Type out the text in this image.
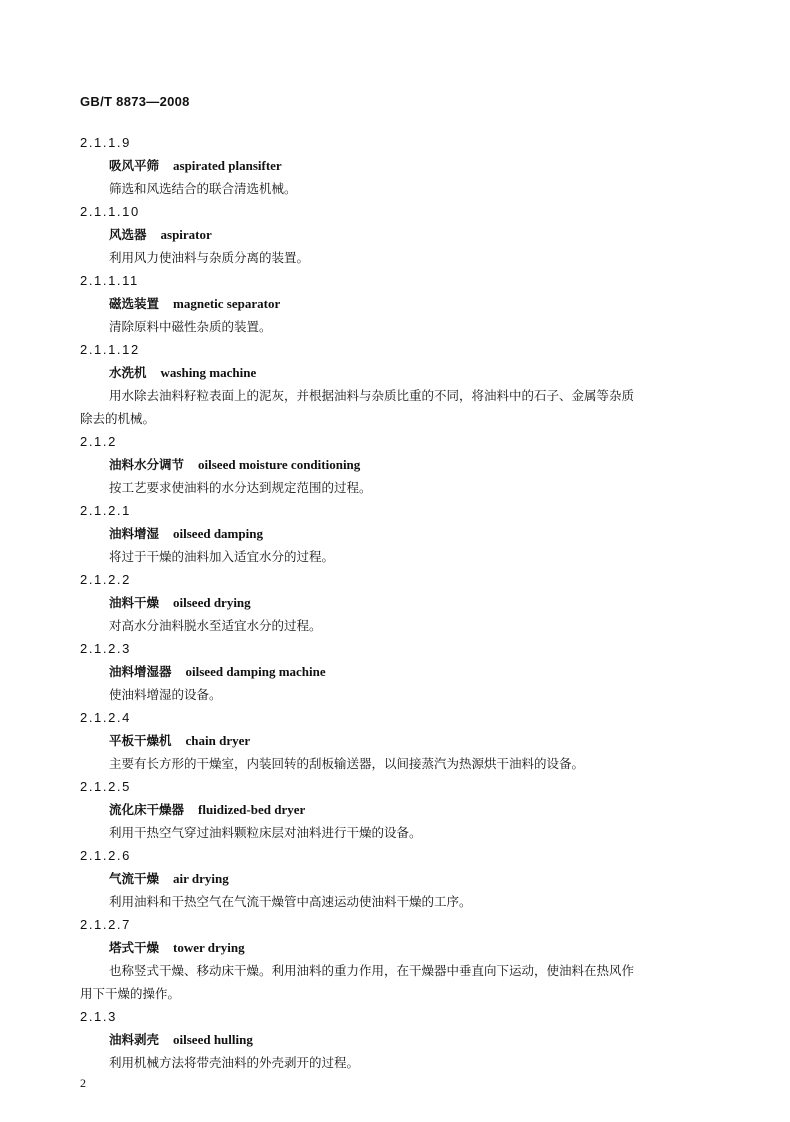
GB/T 8873—2008
2.1.1.9
吸风平筛 aspirated plansifter
筛选和风选结合的联合清选机械。
2.1.1.10
风选器 aspirator
利用风力使油料与杂质分离的装置。
2.1.1.11
磁选装置 magnetic separator
清除原料中磁性杂质的装置。
2.1.1.12
水洗机 washing machine
用水除去油料籽粒表面上的泥灰，并根据油料与杂质比重的不同，将油料中的石子、金属等杂质除去的机械。
2.1.2
油料水分调节 oilseed moisture conditioning
按工艺要求使油料的水分达到规定范围的过程。
2.1.2.1
油料增湿 oilseed damping
将过于干燥的油料加入适宜水分的过程。
2.1.2.2
油料干燥 oilseed drying
对高水分油料脱水至适宜水分的过程。
2.1.2.3
油料增湿器 oilseed damping machine
使油料增湿的设备。
2.1.2.4
平板干燥机 chain dryer
主要有长方形的干燥室，内装回转的刮板输送器，以间接蒸汽为热源烘干油料的设备。
2.1.2.5
流化床干燥器 fluidized-bed dryer
利用干热空气穿过油料颗粒床层对油料进行干燥的设备。
2.1.2.6
气流干燥 air drying
利用油料和干热空气在气流干燥管中高速运动使油料干燥的工序。
2.1.2.7
塔式干燥 tower drying
也称竖式干燥、移动床干燥。利用油料的重力作用，在干燥器中垂直向下运动，使油料在热风作用下干燥的操作。
2.1.3
油料剥壳 oilseed hulling
利用机械方法将带壳油料的外壳剥开的过程。
2
